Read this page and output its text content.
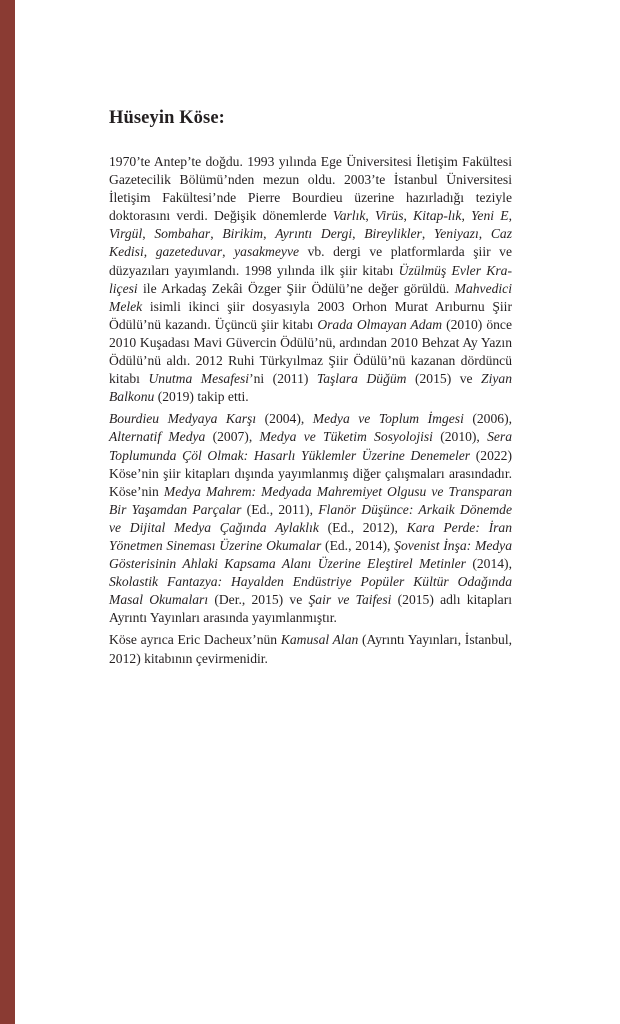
Hüseyin Köse:

1970’te Antep’te doğdu. 1993 yılında Ege Üniversitesi İletişim Fakültesi Gazetecilik Bölümü’nden mezun oldu. 2003’te İstanbul Üniversitesi İletişim Fakültesi’nde Pierre Bourdieu üzerine hazırladığı teziyle doktorasını verdi. Değişik dönemlerde Varlık, Virüs, Kitap-lık, Yeni E, Virgül, Sombahar, Birikim, Ayrıntı Dergi, Bireylikler, Yeniyazı, Caz Kedisi, gazeteduvar, yasakmeyve vb. dergi ve platformlarda şiir ve düzyazıları yayımlandı. 1998 yılında ilk şiir kitabı Üzülmüş Evler Kraliçesi ile Arkadaş Zekâi Özger Şiir Ödülü’ne değer görüldü. Mahvedici Melek isimli ikinci şiir dosyasıyla 2003 Orhon Murat Arıburnu Şiir Ödülü’nü kazandı. Üçüncü şiir kitabı Orada Olmayan Adam (2010) önce 2010 Kuşadası Mavi Güvercin Ödülü’nü, ardından 2010 Behzat Ay Yazın Ödülü’nü aldı. 2012 Ruhi Türkyılmaz Şiir Ödülü’nü kazanan dördüncü kitabı Unutma Mesafesi’ni (2011) Taşlara Düğüm (2015) ve Ziyan Balkonu (2019) takip etti.

Bourdieu Medyaya Karşı (2004), Medya ve Toplum İmgesi (2006), Alternatif Medya (2007), Medya ve Tüketim Sosyolojisi (2010), Sera Toplumunda Çöl Olmak: Hasarlı Yüklemler Üzerine Denemeler (2022) Köse’nin şiir kitapları dışında yayımlanmış diğer çalışmaları arasındadır. Köse’nin Medya Mahrem: Medyada Mahremiyet Olgusu ve Transparan Bir Yaşamdan Parçalar (Ed., 2011), Flanör Düşünce: Arkaik Dönemde ve Dijital Medya Çağında Aylaklık (Ed., 2012), Kara Perde: İran Yönetmen Sineması Üzerine Okumalar (Ed., 2014), Şovenist İnşa: Medya Gösterisinin Ahlaki Kapsama Alanı Üzerine Eleştirel Metinler (2014), Skolastik Fantazya: Hayalden Endüstriye Popüler Kültür Odağında Masal Okumaları (Der., 2015) ve Şair ve Taifesi (2015) adlı kitapları Ayrıntı Yayınları arasında yayımlanmıştır.

Köse ayrıca Eric Dacheux’nün Kamusal Alan (Ayrıntı Yayınları, İstanbul, 2012) kitabının çevirmenidir.
